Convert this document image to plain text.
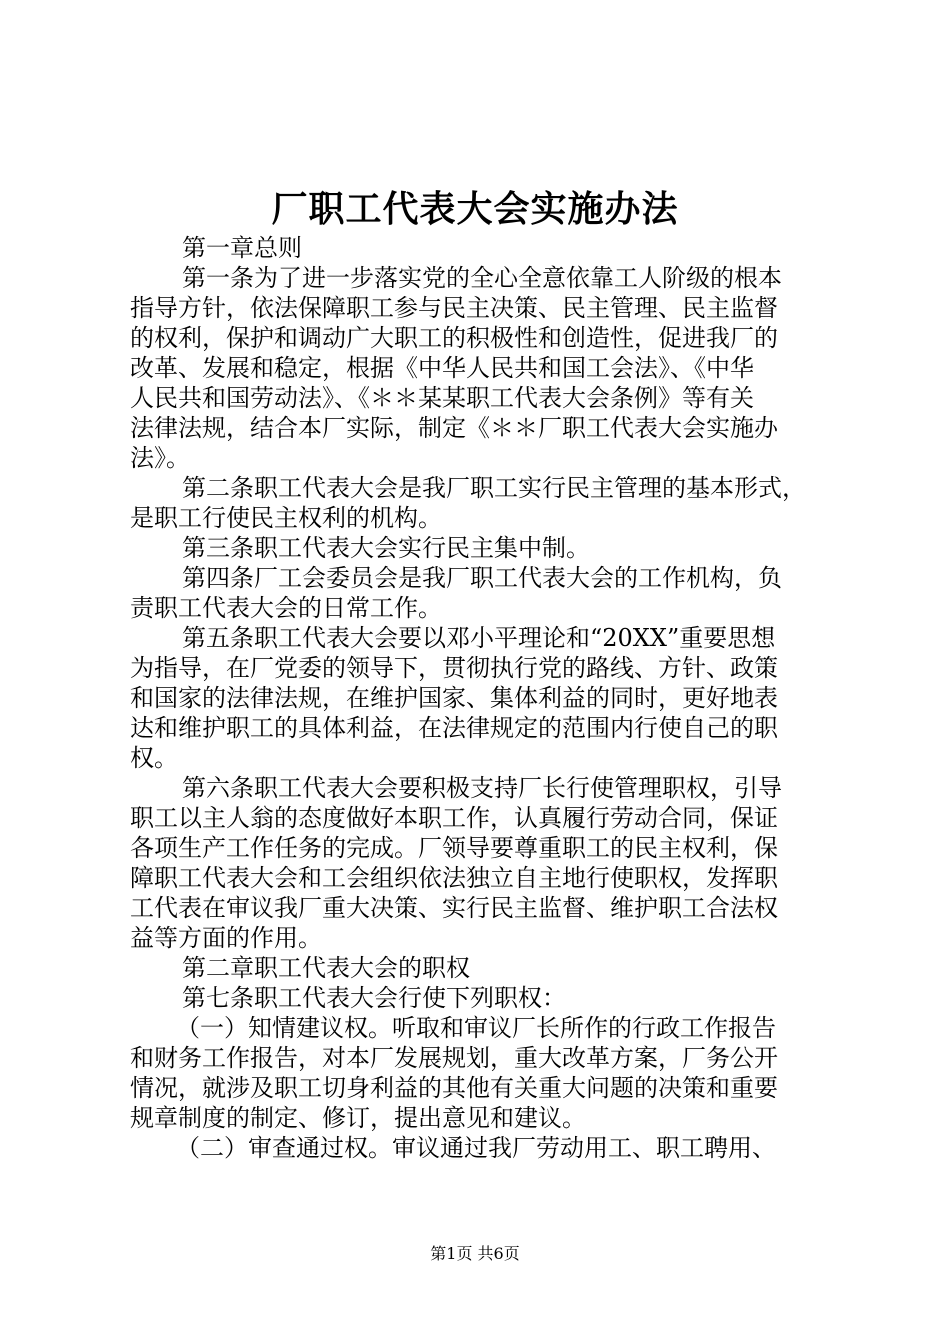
厂职工代表大会实施办法
第一章总则
第一条为了进一步落实党的全心全意依靠工人阶级的根本
指导方针，依法保障职工参与民主决策、民主管理、民主监督
的权利，保护和调动广大职工的积极性和创造性，促进我厂的
改革、发展和稳定，根据《中华人民共和国工会法》、《中华
人民共和国劳动法》、《＊＊某某职工代表大会条例》等有关
法律法规，结合本厂实际，制定《＊＊厂职工代表大会实施办
法》。
第二条职工代表大会是我厂职工实行民主管理的基本形式，
是职工行使民主权利的机构。
第三条职工代表大会实行民主集中制。
第四条厂工会委员会是我厂职工代表大会的工作机构，负
责职工代表大会的日常工作。
第五条职工代表大会要以邓小平理论和“20XX”重要思想
为指导，在厂党委的领导下，贯彻执行党的路线、方针、政策
和国家的法律法规，在维护国家、集体利益的同时，更好地表
达和维护职工的具体利益，在法律规定的范围内行使自己的职
权。
第六条职工代表大会要积极支持厂长行使管理职权，引导
职工以主人翁的态度做好本职工作，认真履行劳动合同，保证
各项生产工作任务的完成。厂领导要尊重职工的民主权利，保
障职工代表大会和工会组织依法独立自主地行使职权，发挥职
工代表在审议我厂重大决策、实行民主监督、维护职工合法权
益等方面的作用。
第二章职工代表大会的职权
第七条职工代表大会行使下列职权：
（一）知情建议权。听取和审议厂长所作的行政工作报告
和财务工作报告，对本厂发展规划，重大改革方案，厂务公开
情况，就涉及职工切身利益的其他有关重大问题的决策和重要
规章制度的制定、修订，提出意见和建议。
（二）审查通过权。审议通过我厂劳动用工、职工聘用、
第1页 共6页
